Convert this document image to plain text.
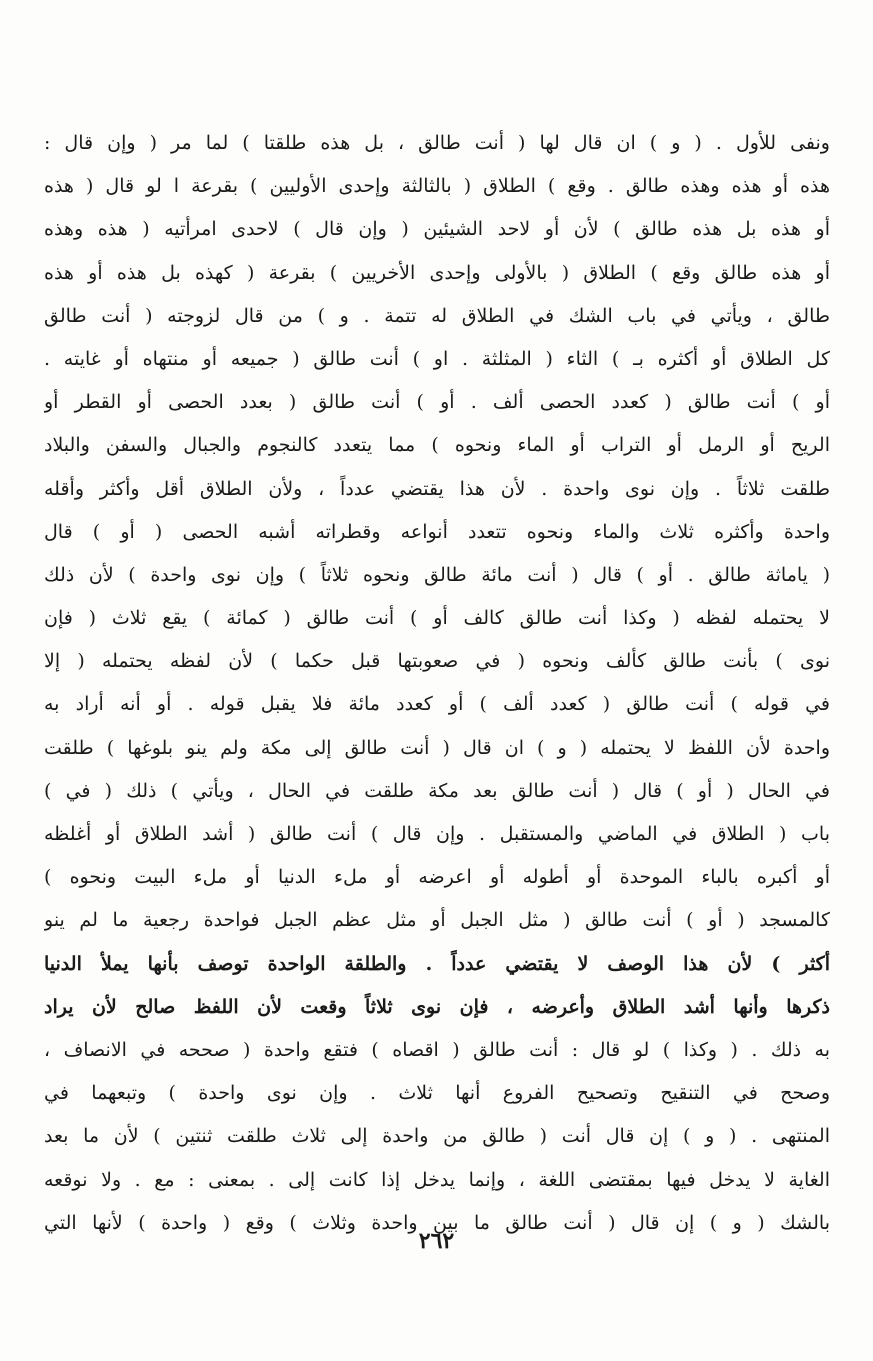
ونفى للأول . ( و ) ان قال لها ( أنت طالق ، بل هذه طلقتا ) لما مر ( وإن قال :
هذه أو هذه وهذه طالق . وقع ) الطلاق ( بالثالثة وإحدى الأوليين ) بقرعة ا لو قال ( هذه
أو هذه بل هذه طالق ) لأن أو لاحد الشيئين ( وإن قال ) لاحدى امرأتيه ( هذه وهذه
أو هذه طالق وقع ) الطلاق ( بالأولى وإحدى الأخريين ) بقرعة ( كهذه بل هذه أو هذه
طالق ، ويأتي في باب الشك في الطلاق له تتمة . و ) من قال لزوجته ( أنت طالق
كل الطلاق أو أكثره بـ ) الثاء ( المثلثة . او ) أنت طالق ( جميعه أو منتهاه أو غايته .
أو ) أنت طالق ( كعدد الحصى ألف . أو ) أنت طالق ( بعدد الحصى أو القطر أو
الريح أو الرمل أو التراب أو الماء ونحوه ) مما يتعدد كالنجوم والجبال والسفن والبلاد
طلقت ثلاثاً . وإن نوى واحدة . لأن هذا يقتضي عدداً ، ولأن الطلاق أقل وأكثر وأقله
واحدة وأكثره ثلاث والماء ونحوه تتعدد أنواعه وقطراته أشبه الحصى ( أو ) قال
( ياماثة طالق . أو ) قال ( أنت مائة طالق ونحوه ثلاثاً ) وإن نوى واحدة ) لأن ذلك
لا يحتمله لفظه ( وكذا أنت طالق كالف أو ) أنت طالق ( كمائة ) يقع ثلاث ( فإن
نوى ) بأنت طالق كألف ونحوه ( في صعوبتها قبل حكما ) لأن لفظه يحتمله ( إلا
في قوله ) أنت طالق ( كعدد ألف ) أو كعدد مائة فلا يقبل قوله . أو أنه أراد به
واحدة لأن اللفظ لا يحتمله ( و ) ان قال ( أنت طالق إلى مكة ولم ينو بلوغها ) طلقت
في الحال ( أو ) قال ( أنت طالق بعد مكة طلقت في الحال ، ويأتي ) ذلك ( في )
باب ( الطلاق في الماضي والمستقبل . وإن قال ) أنت طالق ( أشد الطلاق أو أغلظه
أو أكبره بالباء الموحدة أو أطوله أو اعرضه أو ملء الدنيا أو ملء البيت ونحوه )
كالمسجد ( أو ) أنت طالق ( مثل الجبل أو مثل عظم الجبل فواحدة رجعية ما لم ينو
أكثر ) لأن هذا الوصف لا يقتضي عدداً . والطلقة الواحدة توصف بأنها يملأ الدنيا
ذكرها وأنها أشد الطلاق وأعرضه ، فإن نوى ثلاثاً وقعت لأن اللفظ صالح لأن يراد
به ذلك . ( وكذا ) لو قال : أنت طالق ( اقصاه ) فتقع واحدة ( صححه في الانصاف ،
وصحح في التنقيح وتصحيح الفروع أنها ثلاث . وإن نوى واحدة ) وتبعهما في
المنتهى . ( و ) إن قال أنت ( طالق من واحدة إلى ثلاث طلقت ثنتين ) لأن ما بعد
الغاية لا يدخل فيها بمقتضى اللغة ، وإنما يدخل إذا كانت إلى . بمعنى : مع . ولا نوقعه
بالشك ( و ) إن قال ( أنت طالق ما بين واحدة وثلاث ) وقع ( واحدة ) لأنها التي
٢٦٢
